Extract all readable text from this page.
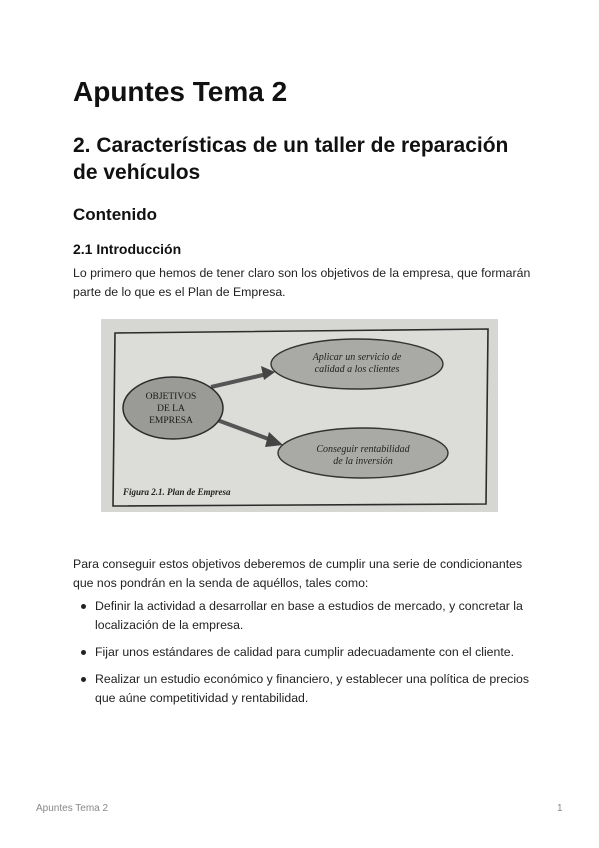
Apuntes Tema 2
2. Características de un taller de reparación de vehículos
Contenido
2.1 Introducción

Lo primero que hemos de tener claro son los objetivos de la empresa, que formarán parte de lo que es el Plan de Empresa.

OBJETIVOS
DE LA
EMPRESA
Aplicar un servicio de
calidad a los clientes
Conseguir rentabilidad
de la inversión
Figura 2.1. Plan de Empresa

Para conseguir estos objetivos deberemos de cumplir una serie de condicionantes que nos pondrán en la senda de aquéllos, tales como:

Definir la actividad a desarrollar en base a estudios de mercado, y concretar la localización de la empresa.
Fijar unos estándares de calidad para cumplir adecuadamente con el cliente.
Realizar un estudio económico y financiero, y establecer una política de precios que aúne competitividad y rentabilidad.
Apuntes Tema 2	1
